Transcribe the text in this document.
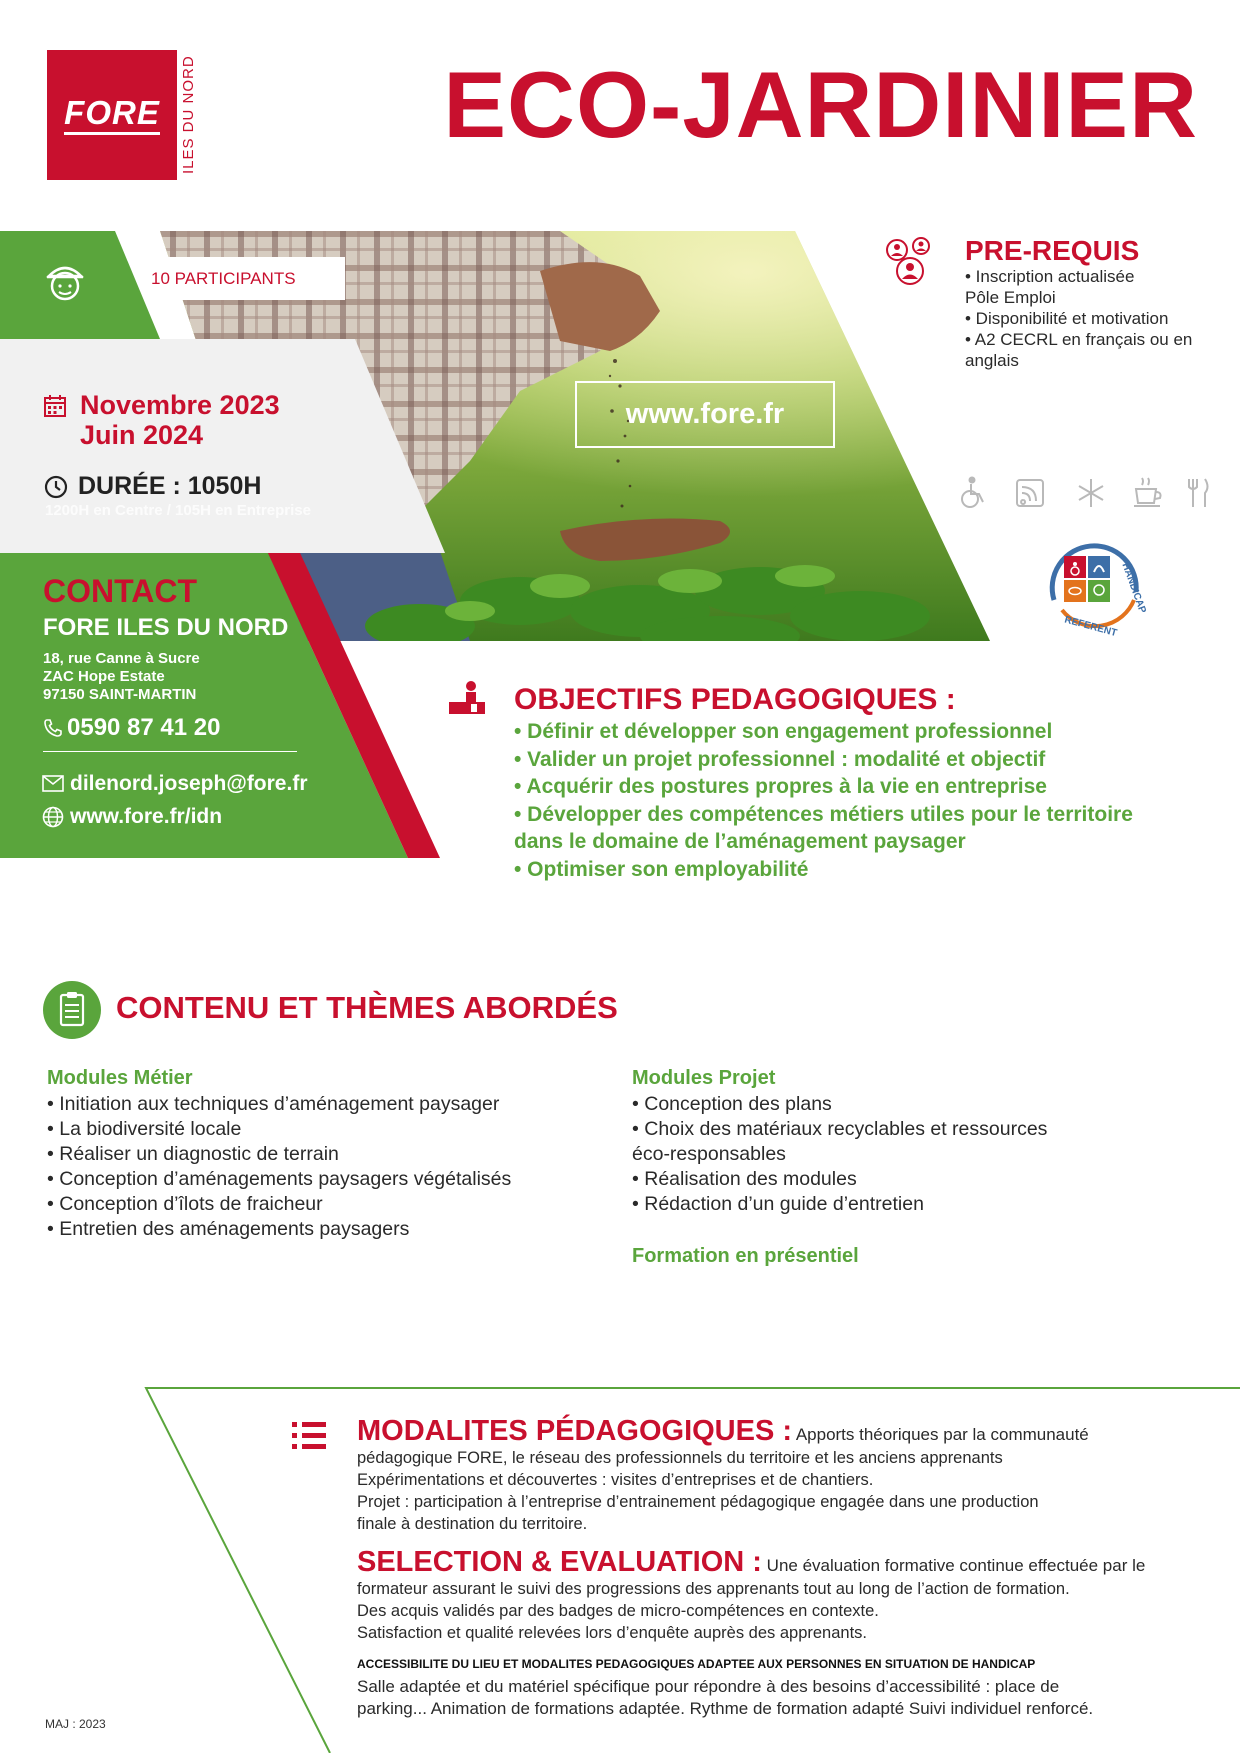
FORE ILES DU NORD	ECO-JARDINIER
10 PARTICIPANTS
www.fore.fr
Novembre 2023
Juin 2024
DURÉE : 1050H
1200H en Centre / 105H en Entreprise
CONTACT
FORE ILES DU NORD
18, rue Canne à Sucre
ZAC Hope Estate
97150 SAINT-MARTIN
0590 87 41 20
dilenord.joseph@fore.fr
www.fore.fr/idn
PRE-REQUIS
• Inscription actualisée
Pôle Emploi
• Disponibilité et motivation
• A2 CECRL en français ou en
anglais
HANDICAP
REFERENT
OBJECTIFS PEDAGOGIQUES :
• Définir et développer son engagement professionnel
• Valider un projet professionnel : modalité et objectif
• Acquérir des postures propres à la vie en entreprise
• Développer des compétences métiers utiles pour le territoire
dans le domaine de l’aménagement paysager
• Optimiser son employabilité
CONTENU ET THÈMES ABORDÉS
Modules Métier
• Initiation aux techniques d’aménagement paysager
• La biodiversité locale
• Réaliser un diagnostic de terrain
• Conception d’aménagements paysagers végétalisés
• Conception d’îlots de fraicheur
• Entretien des aménagements paysagers
Modules Projet
• Conception des plans
• Choix des matériaux recyclables et ressources
éco-responsables
• Réalisation des modules
• Rédaction d’un guide d’entretien
Formation en présentiel
MODALITES PÉDAGOGIQUES : Apports théoriques par la communauté
pédagogique FORE, le réseau des professionnels du territoire et les anciens apprenants
Expérimentations et découvertes : visites d’entreprises et de chantiers.
Projet : participation à l’entreprise d’entrainement pédagogique engagée dans une production
finale à destination du territoire.
SELECTION & EVALUATION : Une évaluation formative continue effectuée par le
formateur assurant le suivi des progressions des apprenants tout au long de l’action de formation.
Des acquis validés par des badges de micro-compétences en contexte.
Satisfaction et qualité relevées lors d’enquête auprès des apprenants.
ACCESSIBILITE DU LIEU ET MODALITES PEDAGOGIQUES ADAPTEE AUX PERSONNES EN SITUATION DE HANDICAP
Salle adaptée et du matériel spécifique pour répondre à des besoins d’accessibilité : place de
parking... Animation de formations adaptée. Rythme de formation adapté Suivi individuel renforcé.
MAJ : 2023
